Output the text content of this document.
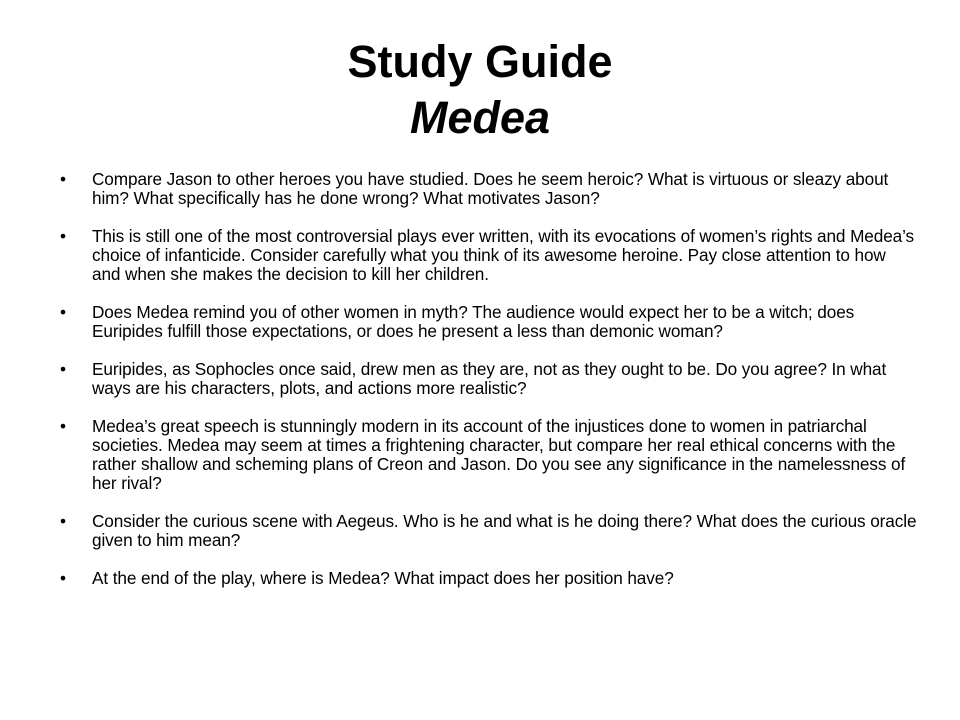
Study Guide
Medea
• Compare Jason to other heroes you have studied. Does he seem heroic? What is virtuous or sleazy about him? What specifically has he done wrong? What motivates Jason?
• This is still one of the most controversial plays ever written, with its evocations of women’s rights and Medea’s choice of infanticide. Consider carefully what you think of its awesome heroine. Pay close attention to how and when she makes the decision to kill her children.
• Does Medea remind you of other women in myth? The audience would expect her to be a witch; does Euripides fulfill those expectations, or does he present a less than demonic woman?
• Euripides, as Sophocles once said, drew men as they are, not as they ought to be. Do you agree? In what ways are his characters, plots, and actions more realistic?
• Medea’s great speech is stunningly modern in its account of the injustices done to women in patriarchal societies. Medea may seem at times a frightening character, but compare her real ethical concerns with the rather shallow and scheming plans of Creon and Jason. Do you see any significance in the namelessness of her rival?
• Consider the curious scene with Aegeus. Who is he and what is he doing there? What does the curious oracle given to him mean?
• At the end of the play, where is Medea? What impact does her position have?
